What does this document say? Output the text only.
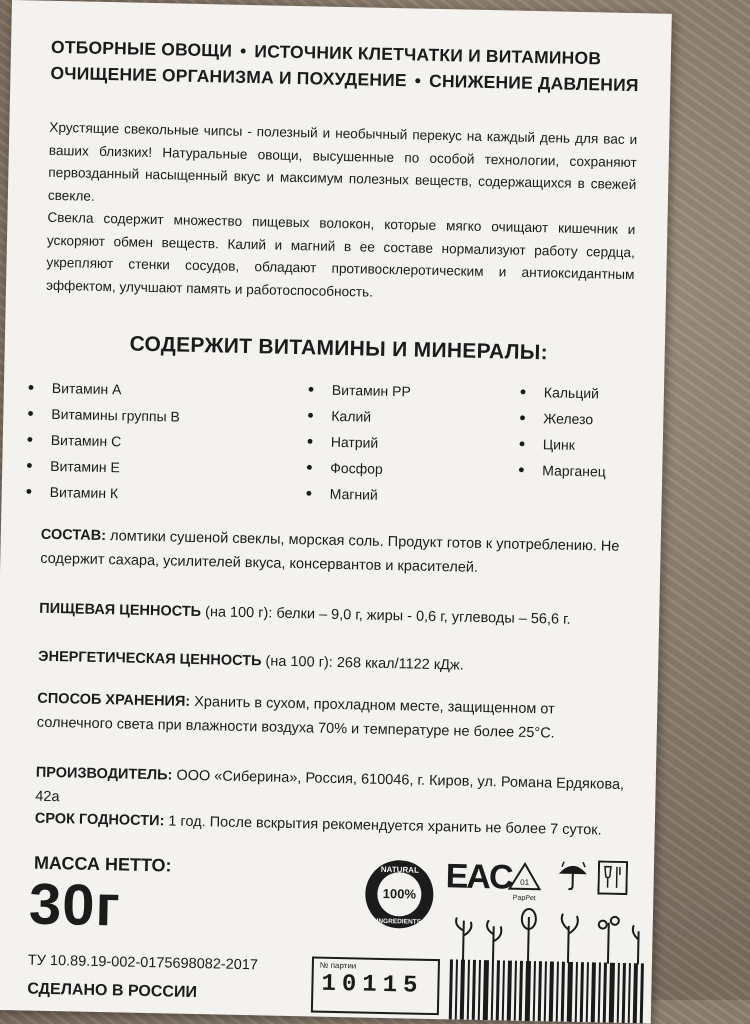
ОТБОРНЫЕ ОВОЩИ • ИСТОЧНИК КЛЕТЧАТКИ И ВИТАМИНОВ
ОЧИЩЕНИЕ ОРГАНИЗМА И ПОХУДЕНИЕ • СНИЖЕНИЕ ДАВЛЕНИЯ

Хрустящие свекольные чипсы - полезный и необычный перекус на каждый день для вас и ваших близких! Натуральные овощи, высушенные по особой технологии, сохраняют первозданный насыщенный вкус и максимум полезных веществ, содержащихся в свежей свекле.

Свекла содержит множество пищевых волокон, которые мягко очищают кишечник и ускоряют обмен веществ. Калий и магний в ее составе нормализуют работу сердца, укрепляют стенки сосудов, обладают противосклеротическим и антиоксидантным эффектом, улучшают память и работоспособность.

СОДЕРЖИТ ВИТАМИНЫ И МИНЕРАЛЫ:
• Витамин А
• Витамины группы В
• Витамин С
• Витамин Е
• Витамин К
• Витамин РР
• Калий
• Натрий
• Фосфор
• Магний
• Кальций
• Железо
• Цинк
• Марганец
СОСТАВ: ломтики сушеной свеклы, морская соль. Продукт готов к употреблению. Не содержит сахара, усилителей вкуса, консервантов и красителей.
ПИЩЕВАЯ ЦЕННОСТЬ (на 100 г): белки – 9,0 г, жиры - 0,6 г, углеводы – 56,6 г.
ЭНЕРГЕТИЧЕСКАЯ ЦЕННОСТЬ (на 100 г): 268 ккал/1122 кДж.
СПОСОБ ХРАНЕНИЯ: Хранить в сухом, прохладном месте, защищенном от солнечного света при влажности воздуха 70% и температуре не более 25°С.
ПРОИЗВОДИТЕЛЬ: ООО «Сиберина», Россия, 610046, г. Киров, ул. Романа Ердякова, 42а
СРОК ГОДНОСТИ: 1 год. После вскрытия рекомендуется хранить не более 7 суток.
МАССА НЕТТО:
30г
ТУ 10.89.19-002-0175698082-2017
СДЕЛАНО В РОССИИ
NATURAL
100%
INGREDIENTS
EAC 01
PapPet
№ партии
10115
